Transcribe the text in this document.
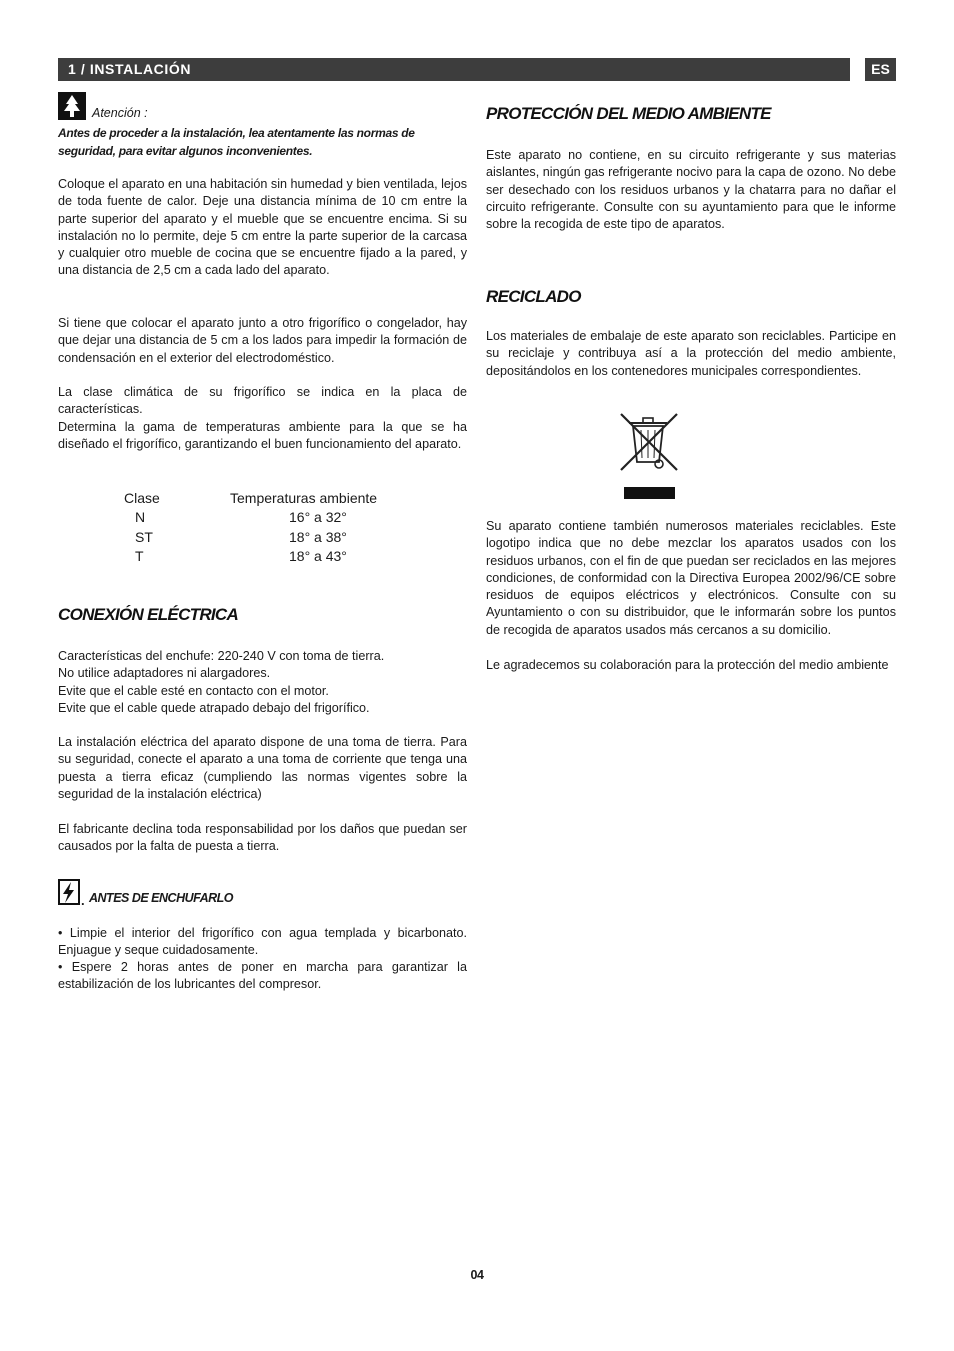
1 / INSTALACIÓN	ES
Atención :

Antes de proceder a la instalación, lea atentamente las normas de seguridad, para evitar algunos inconvenientes.

Coloque el aparato en una habitación sin humedad y bien ventilada, lejos de toda fuente de calor. Deje una distancia mínima de 10 cm entre la parte superior del aparato y el mueble que se encuentre encima. Si su instalación no lo permite, deje 5 cm entre la parte superior de la carcasa y cualquier otro mueble de cocina que se encuentre fijado a la pared, y una distancia de 2,5 cm a cada lado del aparato.

Si tiene que colocar el aparato junto a otro frigorífico o congelador, hay que dejar una distancia de 5 cm a los lados para impedir la formación de condensación en el exterior del electrodoméstico.

La clase climática de su frigorífico se indica en la placa de características.

Determina la gama de temperaturas ambiente para la que se ha diseñado el frigorífico, garantizando el buen funcionamiento del aparato.

Clase	Temperaturas ambiente
N	16° a 32°
ST	18° a 38°
T	18° a 43°
CONEXIÓN ELÉCTRICA
Características del enchufe: 220-240 V con toma de tierra.
No utilice adaptadores ni alargadores.
Evite que el cable esté en contacto con el motor.
Evite que el cable quede atrapado debajo del frigorífico.

La instalación eléctrica del aparato dispone de una toma de tierra. Para su seguridad, conecte el aparato a una toma de corriente que tenga una puesta a tierra eficaz (cumpliendo las normas vigentes sobre la seguridad de la instalación eléctrica)

El fabricante declina toda responsabilidad por los daños que puedan ser causados por la falta de puesta a tierra.

. ANTES DE ENCHUFARLO

• Limpie el interior del frigorífico con agua templada y bicarbonato. Enjuague y seque cuidadosamente.

• Espere 2 horas antes de poner en marcha para garantizar la estabilización de los lubricantes del compresor.

PROTECCIÓN DEL MEDIO AMBIENTE

Este aparato no contiene, en su circuito refrigerante y sus materias aislantes, ningún gas refrigerante nocivo para la capa de ozono. No debe ser desechado con los residuos urbanos y la chatarra para no dañar el circuito refrigerante. Consulte con su ayuntamiento para que le informe sobre la recogida de este tipo de aparatos.

RECICLADO

Los materiales de embalaje de este aparato son reciclables. Participe en su reciclaje y contribuya así a la protección del medio ambiente, depositándolos en los contenedores municipales correspondientes.

Su aparato contiene también numerosos materiales reciclables. Este logotipo indica que no debe mezclar los aparatos usados con los residuos urbanos, con el fin de que puedan ser reciclados en las mejores condiciones, de conformidad con la Directiva Europea 2002/96/CE sobre residuos de equipos eléctricos y electrónicos. Consulte con su Ayuntamiento o con su distribuidor, que le informarán sobre los puntos de recogida de aparatos usados más cercanos a su domicilio.

Le agradecemos su colaboración para la protección del medio ambiente

04
